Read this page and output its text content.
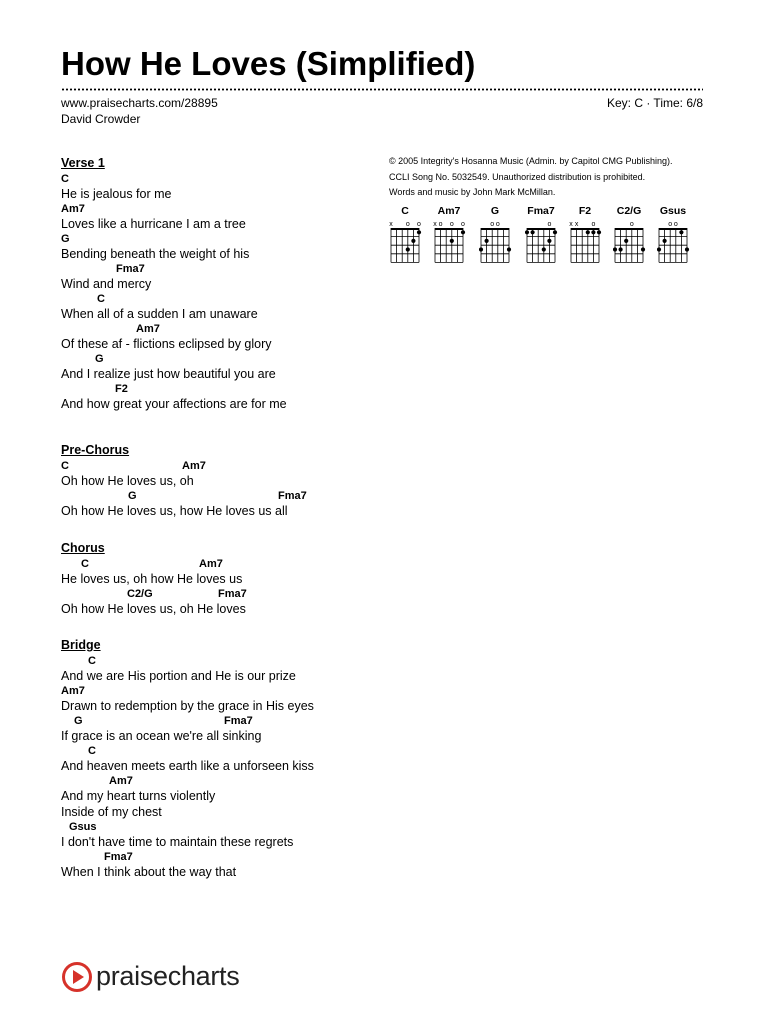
How He Loves (Simplified)
www.praisecharts.com/28895
David Crowder
Key: C · Time: 6/8
© 2005 Integrity's Hosanna Music (Admin. by Capitol CMG Publishing).
CCLI Song No. 5032549. Unauthorized distribution is prohibited.
Words and music by John Mark McMillan.
C
x o o
Am7
x o o o
G
o o
Fma7
o
F2
x x o
C2/G
o
Gsus
o o
Verse 1
C
He is jealous for me
Am7
Loves like a hurricane I am a tree
G
Bending beneath the weight of his
Fma7
Wind and mercy
C
When all of a sudden I am unaware
Am7
Of these af - flictions eclipsed by glory
G
And I realize just how beautiful you are
F2
And how great your affections are for me
Pre-Chorus
C	Am7
Oh how He loves us, oh
G	Fma7
Oh how He loves us, how He loves us all
Chorus
C	Am7
He loves us, oh how He loves us
C2/G	Fma7
Oh how He loves us, oh He loves
Bridge
C
And we are His portion and He is our prize
Am7
Drawn to redemption by the grace in His eyes
G	Fma7
If grace is an ocean we're all sinking
C
And heaven meets earth like a unforseen kiss
Am7
And my heart turns violently
Inside of my chest
Gsus
I don't have time to maintain these regrets
Fma7
When I think about the way that
praisecharts
